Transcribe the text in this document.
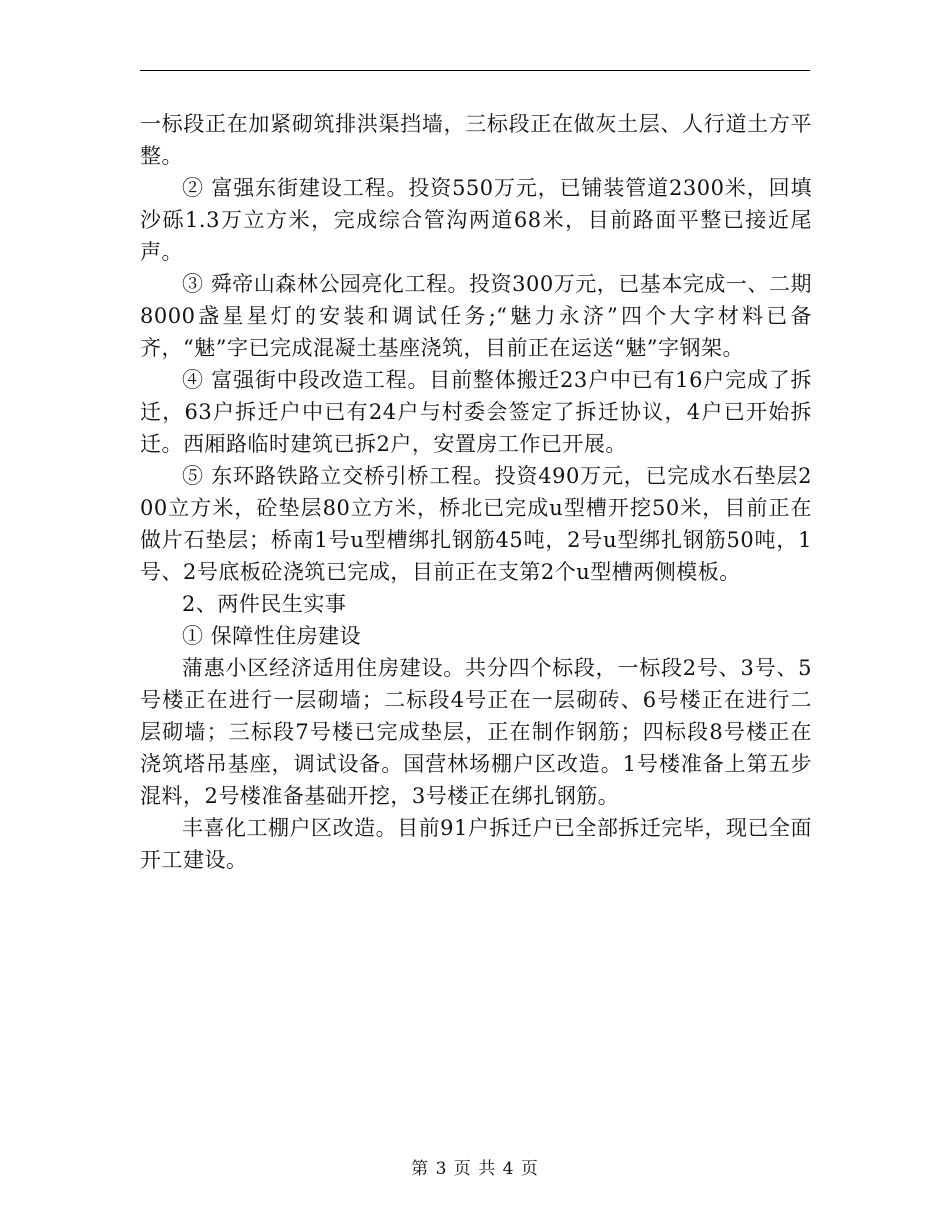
一标段正在加紧砌筑排洪渠挡墙，三标段正在做灰土层、人行道土方平整。

② 富强东街建设工程。投资550万元，已铺装管道2300米，回填沙砾1.3万立方米，完成综合管沟两道68米，目前路面平整已接近尾声。

③ 舜帝山森林公园亮化工程。投资300万元，已基本完成一、二期8000盏星星灯的安装和调试任务;“魅力永济”四个大字材料已备齐，“魅”字已完成混凝土基座浇筑，目前正在运送“魅”字钢架。

④ 富强街中段改造工程。目前整体搬迁23户中已有16户完成了拆迁，63户拆迁户中已有24户与村委会签定了拆迁协议，4户已开始拆迁。西厢路临时建筑已拆2户，安置房工作已开展。

⑤ 东环路铁路立交桥引桥工程。投资490万元，已完成水石垫层200立方米，砼垫层80立方米，桥北已完成u型槽开挖50米，目前正在做片石垫层；桥南1号u型槽绑扎钢筋45吨，2号u型绑扎钢筋50吨，1号、2号底板砼浇筑已完成，目前正在支第2个u型槽两侧模板。

2、两件民生实事

① 保障性住房建设

蒲惠小区经济适用住房建设。共分四个标段，一标段2号、3号、5号楼正在进行一层砌墙；二标段4号正在一层砌砖、6号楼正在进行二层砌墙；三标段7号楼已完成垫层，正在制作钢筋；四标段8号楼正在浇筑塔吊基座，调试设备。国营林场棚户区改造。1号楼准备上第五步混料，2号楼准备基础开挖，3号楼正在绑扎钢筋。

丰喜化工棚户区改造。目前91户拆迁户已全部拆迁完毕，现已全面开工建设。

第 3 页 共 4 页
